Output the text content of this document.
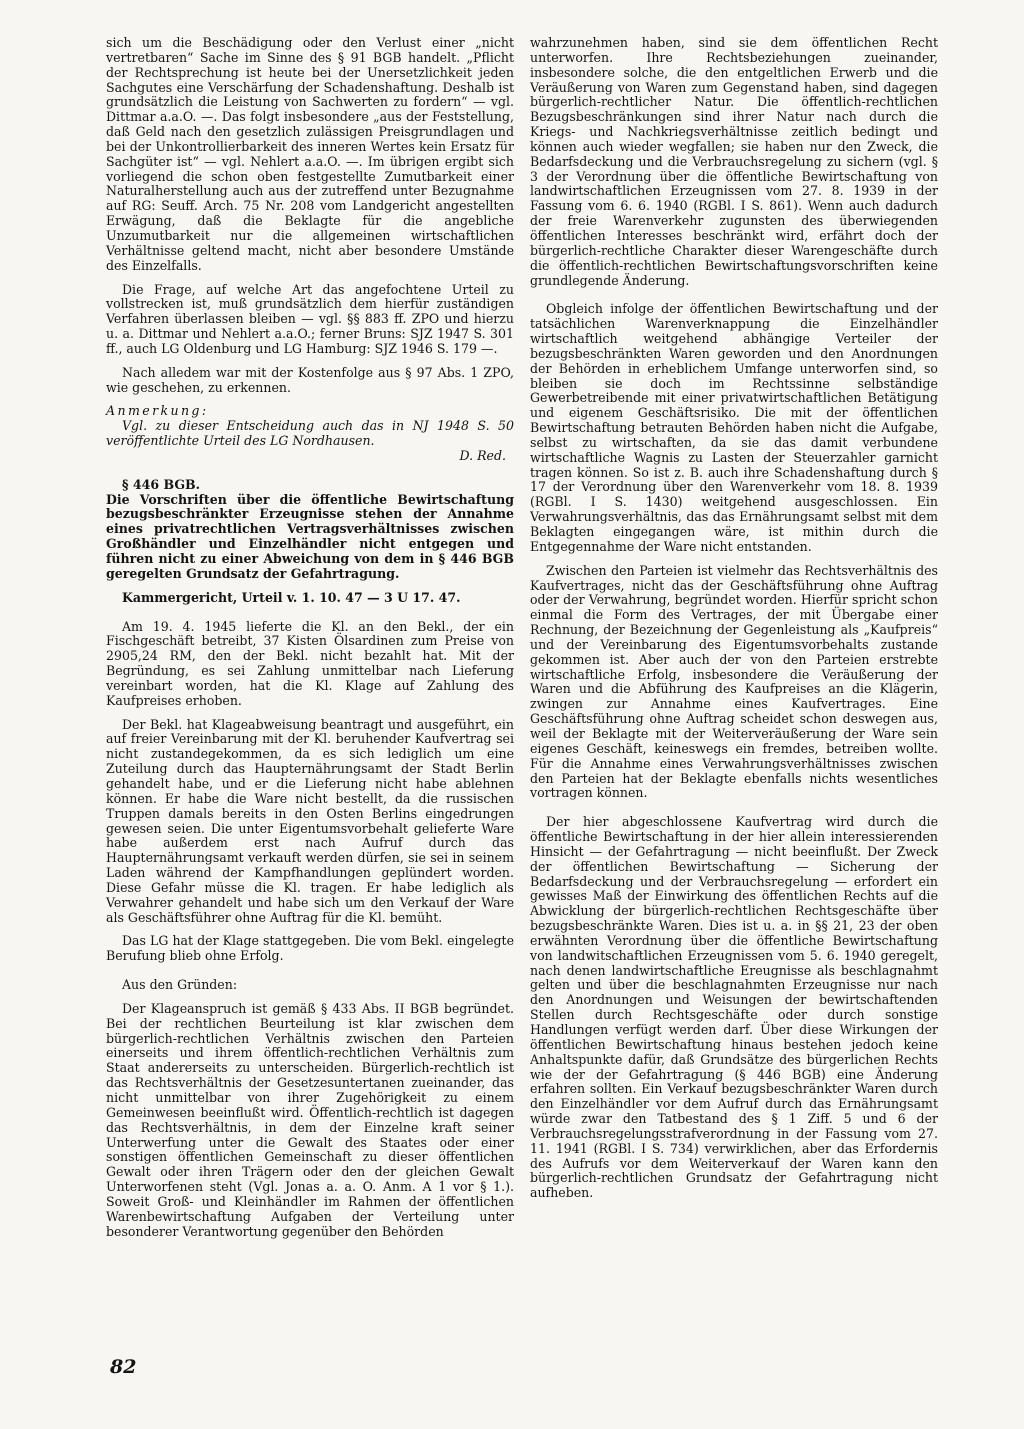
sich um die Beschädigung oder den Verlust einer „nicht vertretbaren“ Sache im Sinne des § 91 BGB handelt. „Pflicht der Rechtsprechung ist heute bei der Unersetzlichkeit jeden Sachgutes eine Verschärfung der Schadenshaftung. Deshalb ist grundsätzlich die Leistung von Sachwerten zu fordern“ — vgl. Dittmar a.a.O. —. Das folgt insbesondere „aus der Feststellung, daß Geld nach den gesetzlich zulässigen Preisgrundlagen und bei der Unkontrollierbarkeit des inneren Wertes kein Ersatz für Sachgüter ist“ — vgl. Nehlert a.a.O. —. Im übrigen ergibt sich vorliegend die schon oben festgestellte Zumutbarkeit einer Naturalherstellung auch aus der zutreffend unter Bezugnahme auf RG: Seuff. Arch. 75 Nr. 208 vom Landgericht angestellten Erwägung, daß die Beklagte für die angebliche Unzumutbarkeit nur die allgemeinen wirtschaftlichen Verhältnisse geltend macht, nicht aber besondere Umstände des Einzelfalls.

Die Frage, auf welche Art das angefochtene Urteil zu vollstrecken ist, muß grundsätzlich dem hierfür zuständigen Verfahren überlassen bleiben — vgl. §§ 883 ff. ZPO und hierzu u. a. Dittmar und Nehlert a.a.O.; ferner Bruns: SJZ 1947 S. 301 ff., auch LG Oldenburg und LG Hamburg: SJZ 1946 S. 179 —.

Nach alledem war mit der Kostenfolge aus § 97 Abs. 1 ZPO, wie geschehen, zu erkennen.

Anmerkung:

Vgl. zu dieser Entscheidung auch das in NJ 1948 S. 50 veröffentlichte Urteil des LG Nordhausen.

D. Red.

§ 446 BGB.

Die Vorschriften über die öffentliche Bewirtschaftung bezugsbeschränkter Erzeugnisse stehen der Annahme eines privatrechtlichen Vertragsverhältnisses zwischen Großhändler und Einzelhändler nicht entgegen und führen nicht zu einer Abweichung von dem in § 446 BGB geregelten Grundsatz der Gefahrtragung.

Kammergericht, Urteil v. 1. 10. 47 — 3 U 17. 47.

Am 19. 4. 1945 lieferte die Kl. an den Bekl., der ein Fischgeschäft betreibt, 37 Kisten Ölsardinen zum Preise von 2905,24 RM, den der Bekl. nicht bezahlt hat. Mit der Begründung, es sei Zahlung unmittelbar nach Lieferung vereinbart worden, hat die Kl. Klage auf Zahlung des Kaufpreises erhoben.

Der Bekl. hat Klageabweisung beantragt und ausgeführt, ein auf freier Vereinbarung mit der Kl. beruhender Kaufvertrag sei nicht zustandegekommen, da es sich lediglich um eine Zuteilung durch das Haupternährungsamt der Stadt Berlin gehandelt habe, und er die Lieferung nicht habe ablehnen können. Er habe die Ware nicht bestellt, da die russischen Truppen damals bereits in den Osten Berlins eingedrungen gewesen seien. Die unter Eigentumsvorbehalt gelieferte Ware habe außerdem erst nach Aufruf durch das Haupternährungsamt verkauft werden dürfen, sie sei in seinem Laden während der Kampfhandlungen geplündert worden. Diese Gefahr müsse die Kl. tragen. Er habe lediglich als Verwahrer gehandelt und habe sich um den Verkauf der Ware als Geschäftsführer ohne Auftrag für die Kl. bemüht.

Das LG hat der Klage stattgegeben. Die vom Bekl. eingelegte Berufung blieb ohne Erfolg.

Aus den Gründen:

Der Klageanspruch ist gemäß § 433 Abs. II BGB begründet. Bei der rechtlichen Beurteilung ist klar zwischen dem bürgerlich-rechtlichen Verhältnis zwischen den Parteien einerseits und ihrem öffentlich-rechtlichen Verhältnis zum Staat andererseits zu unterscheiden. Bürgerlich-rechtlich ist das Rechtsverhältnis der Gesetzesuntertanen zueinander, das nicht unmittelbar von ihrer Zugehörigkeit zu einem Gemeinwesen beeinflußt wird. Öffentlich-rechtlich ist dagegen das Rechtsverhältnis, in dem der Einzelne kraft seiner Unterwerfung unter die Gewalt des Staates oder einer sonstigen öffentlichen Gemeinschaft zu dieser öffentlichen Gewalt oder ihren Trägern oder den der gleichen Gewalt Unterworfenen steht (Vgl. Jonas a. a. O. Anm. A 1 vor § 1.). Soweit Groß- und Kleinhändler im Rahmen der öffentlichen Warenbewirtschaftung Aufgaben der Verteilung unter besonderer Verantwortung gegenüber den Behörden

wahrzunehmen haben, sind sie dem öffentlichen Recht unterworfen. Ihre Rechtsbeziehungen zueinander, insbesondere solche, die den entgeltlichen Erwerb und die Veräußerung von Waren zum Gegenstand haben, sind dagegen bürgerlich-rechtlicher Natur. Die öffentlich-rechtlichen Bezugsbeschränkungen sind ihrer Natur nach durch die Kriegs- und Nachkriegsverhältnisse zeitlich bedingt und können auch wieder wegfallen; sie haben nur den Zweck, die Bedarfsdeckung und die Verbrauchsregelung zu sichern (vgl. § 3 der Verordnung über die öffentliche Bewirtschaftung von landwirtschaftlichen Erzeugnissen vom 27. 8. 1939 in der Fassung vom 6. 6. 1940 (RGBl. I S. 861). Wenn auch dadurch der freie Warenverkehr zugunsten des überwiegenden öffentlichen Interesses beschränkt wird, erfährt doch der bürgerlich-rechtliche Charakter dieser Warengeschäfte durch die öffentlich-rechtlichen Bewirtschaftungsvorschriften keine grundlegende Änderung.

Obgleich infolge der öffentlichen Bewirtschaftung und der tatsächlichen Warenverknappung die Einzelhändler wirtschaftlich weitgehend abhängige Verteiler der bezugsbeschränkten Waren geworden und den Anordnungen der Behörden in erheblichem Umfange unterworfen sind, so bleiben sie doch im Rechtssinne selbständige Gewerbetreibende mit einer privatwirtschaftlichen Betätigung und eigenem Geschäftsrisiko. Die mit der öffentlichen Bewirtschaftung betrauten Behörden haben nicht die Aufgabe, selbst zu wirtschaften, da sie das damit verbundene wirtschaftliche Wagnis zu Lasten der Steuerzahler garnicht tragen können. So ist z. B. auch ihre Schadenshaftung durch § 17 der Verordnung über den Warenverkehr vom 18. 8. 1939 (RGBl. I S. 1430) weitgehend ausgeschlossen. Ein Verwahrungsverhältnis, das das Ernährungsamt selbst mit dem Beklagten eingegangen wäre, ist mithin durch die Entgegennahme der Ware nicht entstanden.

Zwischen den Parteien ist vielmehr das Rechtsverhältnis des Kaufvertrages, nicht das der Geschäftsführung ohne Auftrag oder der Verwahrung, begründet worden. Hierfür spricht schon einmal die Form des Vertrages, der mit Übergabe einer Rechnung, der Bezeichnung der Gegenleistung als „Kaufpreis“ und der Vereinbarung des Eigentumsvorbehalts zustande gekommen ist. Aber auch der von den Parteien erstrebte wirtschaftliche Erfolg, insbesondere die Veräußerung der Waren und die Abführung des Kaufpreises an die Klägerin, zwingen zur Annahme eines Kaufvertrages. Eine Geschäftsführung ohne Auftrag scheidet schon deswegen aus, weil der Beklagte mit der Weiterveräußerung der Ware sein eigenes Geschäft, keineswegs ein fremdes, betreiben wollte. Für die Annahme eines Verwahrungsverhältnisses zwischen den Parteien hat der Beklagte ebenfalls nichts wesentliches vortragen können.

Der hier abgeschlossene Kaufvertrag wird durch die öffentliche Bewirtschaftung in der hier allein interessierenden Hinsicht — der Gefahrtragung — nicht beeinflußt. Der Zweck der öffentlichen Bewirtschaftung — Sicherung der Bedarfsdeckung und der Verbrauchsregelung — erfordert ein gewisses Maß der Einwirkung des öffentlichen Rechts auf die Abwicklung der bürgerlich-rechtlichen Rechtsgeschäfte über bezugsbeschränkte Waren. Dies ist u. a. in §§ 21, 23 der oben erwähnten Verordnung über die öffentliche Bewirtschaftung von landwitschaftlichen Erzeugnissen vom 5. 6. 1940 geregelt, nach denen landwirtschaftliche Ereugnisse als beschlagnahmt gelten und über die beschlagnahmten Erzeugnisse nur nach den Anordnungen und Weisungen der bewirtschaftenden Stellen durch Rechtsgeschäfte oder durch sonstige Handlungen verfügt werden darf. Über diese Wirkungen der öffentlichen Bewirtschaftung hinaus bestehen jedoch keine Anhaltspunkte dafür, daß Grundsätze des bürgerlichen Rechts wie der der Gefahrtragung (§ 446 BGB) eine Änderung erfahren sollten. Ein Verkauf bezugsbeschränkter Waren durch den Einzelhändler vor dem Aufruf durch das Ernährungsamt würde zwar den Tatbestand des § 1 Ziff. 5 und 6 der Verbrauchsregelungsstrafverordnung in der Fassung vom 27. 11. 1941 (RGBl. I S. 734) verwirklichen, aber das Erfordernis des Aufrufs vor dem Weiterverkauf der Waren kann den bürgerlich-rechtlichen Grundsatz der Gefahrtragung nicht aufheben.

82
